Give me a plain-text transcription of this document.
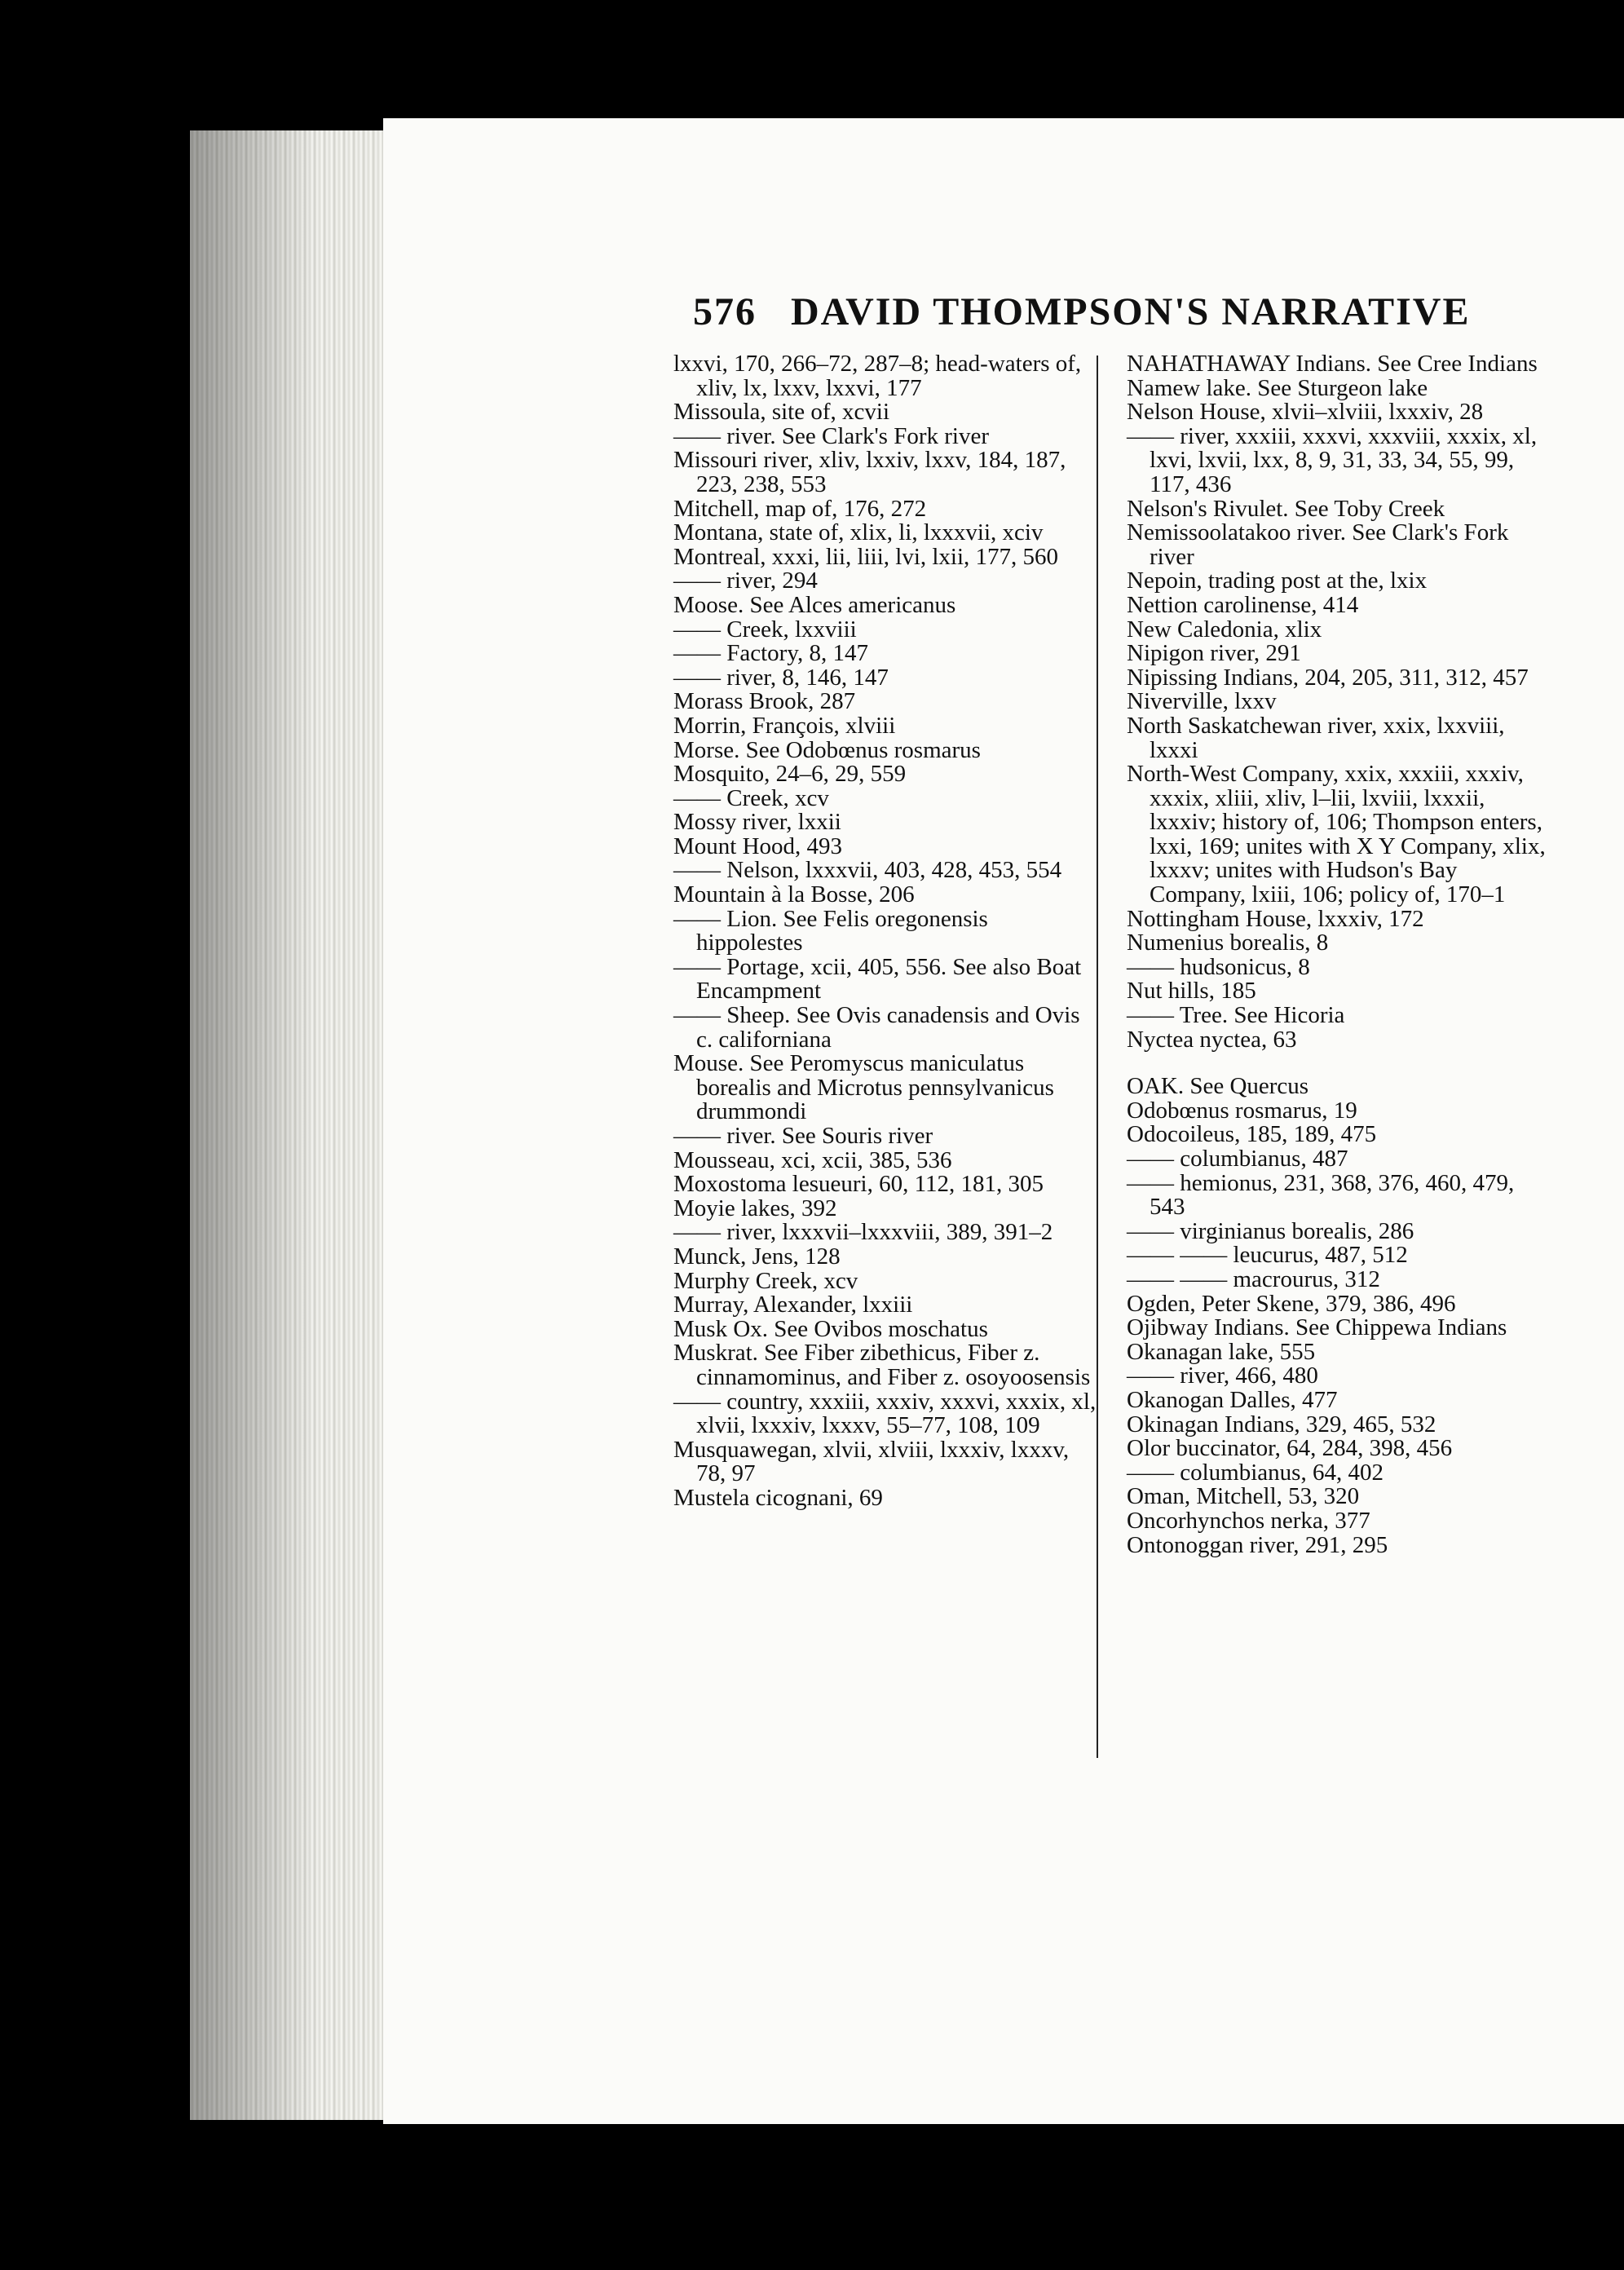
576 DAVID THOMPSON'S NARRATIVE
lxxvi, 170, 266–72, 287–8; head-waters of, xliv, lx, lxxv, lxxvi, 177
Missoula, site of, xcvii
—— river. See Clark's Fork river
Missouri river, xliv, lxxiv, lxxv, 184, 187, 223, 238, 553
Mitchell, map of, 176, 272
Montana, state of, xlix, li, lxxxvii, xciv
Montreal, xxxi, lii, liii, lvi, lxii, 177, 560
—— river, 294
Moose. See Alces americanus
—— Creek, lxxviii
—— Factory, 8, 147
—— river, 8, 146, 147
Morass Brook, 287
Morrin, François, xlviii
Morse. See Odobœnus rosmarus
Mosquito, 24–6, 29, 559
—— Creek, xcv
Mossy river, lxxii
Mount Hood, 493
—— Nelson, lxxxvii, 403, 428, 453, 554
Mountain à la Bosse, 206
—— Lion. See Felis oregonensis hippolestes
—— Portage, xcii, 405, 556. See also Boat Encampment
—— Sheep. See Ovis canadensis and Ovis c. californiana
Mouse. See Peromyscus maniculatus borealis and Microtus pennsylvanicus drummondi
—— river. See Souris river
Mousseau, xci, xcii, 385, 536
Moxostoma lesueuri, 60, 112, 181, 305
Moyie lakes, 392
—— river, lxxxvii–lxxxviii, 389, 391–2
Munck, Jens, 128
Murphy Creek, xcv
Murray, Alexander, lxxiii
Musk Ox. See Ovibos moschatus
Muskrat. See Fiber zibethicus, Fiber z. cinnamominus, and Fiber z. osoyoosensis
—— country, xxxiii, xxxiv, xxxvi, xxxix, xl, xlvii, lxxxiv, lxxxv, 55–77, 108, 109
Musquawegan, xlvii, xlviii, lxxxiv, lxxxv, 78, 97
Mustela cicognani, 69
NAHATHAWAY Indians. See Cree Indians
Namew lake. See Sturgeon lake
Nelson House, xlvii–xlviii, lxxxiv, 28
—— river, xxxiii, xxxvi, xxxviii, xxxix, xl, lxvi, lxvii, lxx, 8, 9, 31, 33, 34, 55, 99, 117, 436
Nelson's Rivulet. See Toby Creek
Nemissoolatakoo river. See Clark's Fork river
Nepoin, trading post at the, lxix
Nettion carolinense, 414
New Caledonia, xlix
Nipigon river, 291
Nipissing Indians, 204, 205, 311, 312, 457
Niverville, lxxv
North Saskatchewan river, xxix, lxxviii, lxxxi
North-West Company, xxix, xxxiii, xxxiv, xxxix, xliii, xliv, l–lii, lxviii, lxxxii, lxxxiv; history of, 106; Thompson enters, lxxi, 169; unites with X Y Company, xlix, lxxxv; unites with Hudson's Bay Company, lxiii, 106; policy of, 170–1
Nottingham House, lxxxiv, 172
Numenius borealis, 8
—— hudsonicus, 8
Nut hills, 185
—— Tree. See Hicoria
Nyctea nyctea, 63
OAK. See Quercus
Odobœnus rosmarus, 19
Odocoileus, 185, 189, 475
—— columbianus, 487
—— hemionus, 231, 368, 376, 460, 479, 543
—— virginianus borealis, 286
—— —— leucurus, 487, 512
—— —— macrourus, 312
Ogden, Peter Skene, 379, 386, 496
Ojibway Indians. See Chippewa Indians
Okanagan lake, 555
—— river, 466, 480
Okanogan Dalles, 477
Okinagan Indians, 329, 465, 532
Olor buccinator, 64, 284, 398, 456
—— columbianus, 64, 402
Oman, Mitchell, 53, 320
Oncorhynchos nerka, 377
Ontonoggan river, 291, 295
